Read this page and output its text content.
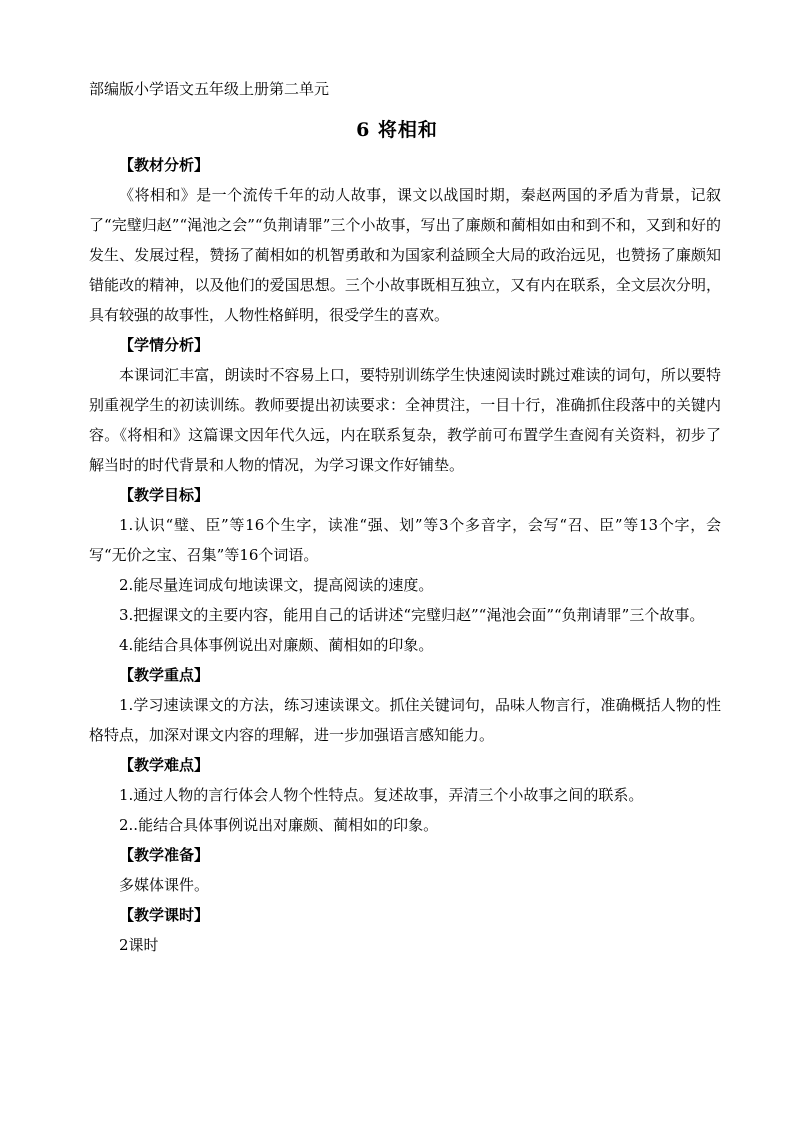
部编版小学语文五年级上册第二单元
6 将相和

【教材分析】

《将相和》是一个流传千年的动人故事，课文以战国时期，秦赵两国的矛盾为背景，记叙了“完璧归赵”“渑池之会”“负荆请罪”三个小故事，写出了廉颇和蔺相如由和到不和，又到和好的发生、发展过程，赞扬了蔺相如的机智勇敢和为国家利益顾全大局的政治远见，也赞扬了廉颇知错能改的精神，以及他们的爱国思想。三个小故事既相互独立，又有内在联系，全文层次分明，具有较强的故事性，人物性格鲜明，很受学生的喜欢。

【学情分析】

本课词汇丰富，朗读时不容易上口，要特别训练学生快速阅读时跳过难读的词句，所以要特别重视学生的初读训练。教师要提出初读要求：全神贯注，一目十行，准确抓住段落中的关键内容。《将相和》这篇课文因年代久远，内在联系复杂，教学前可布置学生查阅有关资料，初步了解当时的时代背景和人物的情况，为学习课文作好铺垫。

【教学目标】

1.认识“璧、臣”等16个生字，读准“强、划”等3个多音字，会写“召、臣”等13个字，会写“无价之宝、召集”等16个词语。

2.能尽量连词成句地读课文，提高阅读的速度。

3.把握课文的主要内容，能用自己的话讲述“完璧归赵”“渑池会面”“负荆请罪”三个故事。

4.能结合具体事例说出对廉颇、蔺相如的印象。

【教学重点】

1.学习速读课文的方法，练习速读课文。抓住关键词句，品味人物言行，准确概括人物的性格特点，加深对课文内容的理解，进一步加强语言感知能力。

【教学难点】

1.通过人物的言行体会人物个性特点。复述故事，弄清三个小故事之间的联系。

2..能结合具体事例说出对廉颇、蔺相如的印象。

【教学准备】

多媒体课件。

【教学课时】

2课时
